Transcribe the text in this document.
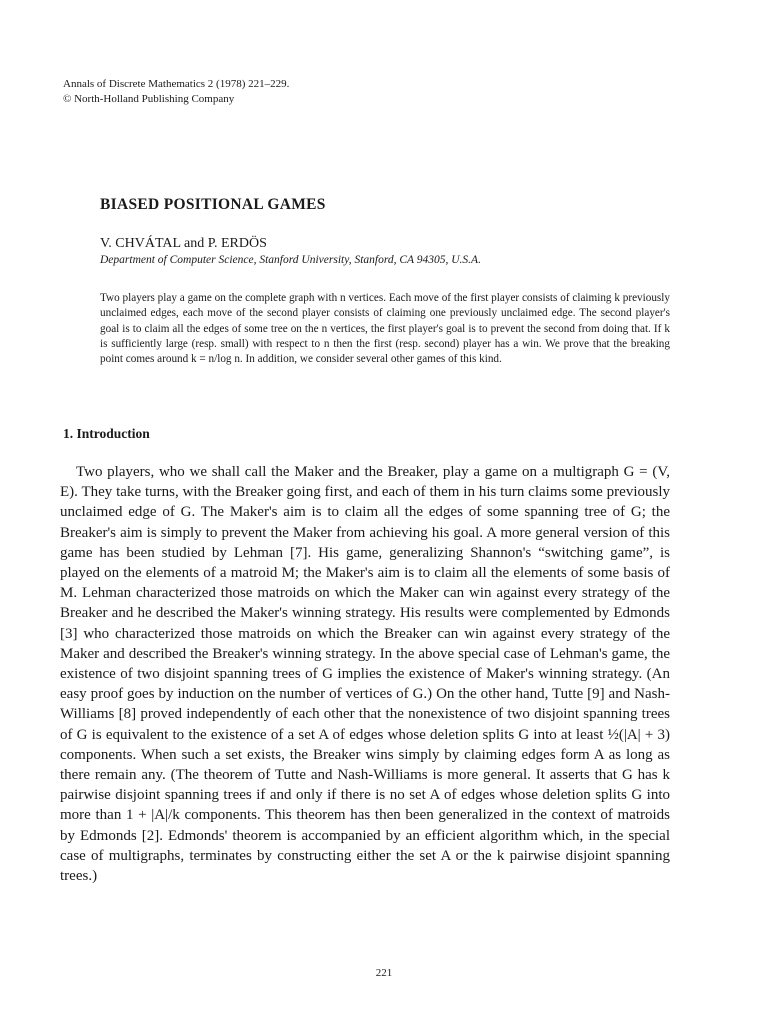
Annals of Discrete Mathematics 2 (1978) 221–229.
© North-Holland Publishing Company
BIASED POSITIONAL GAMES
V. CHVÁTAL and P. ERDÖS
Department of Computer Science, Stanford University, Stanford, CA 94305, U.S.A.
Two players play a game on the complete graph with n vertices. Each move of the first player consists of claiming k previously unclaimed edges, each move of the second player consists of claiming one previously unclaimed edge. The second player's goal is to claim all the edges of some tree on the n vertices, the first player's goal is to prevent the second from doing that. If k is sufficiently large (resp. small) with respect to n then the first (resp. second) player has a win. We prove that the breaking point comes around k = n/log n. In addition, we consider several other games of this kind.
1. Introduction
Two players, who we shall call the Maker and the Breaker, play a game on a multigraph G = (V, E). They take turns, with the Breaker going first, and each of them in his turn claims some previously unclaimed edge of G. The Maker's aim is to claim all the edges of some spanning tree of G; the Breaker's aim is simply to prevent the Maker from achieving his goal. A more general version of this game has been studied by Lehman [7]. His game, generalizing Shannon's “switching game”, is played on the elements of a matroid M; the Maker's aim is to claim all the elements of some basis of M. Lehman characterized those matroids on which the Maker can win against every strategy of the Breaker and he described the Maker's winning strategy. His results were complemented by Edmonds [3] who characterized those matroids on which the Breaker can win against every strategy of the Maker and described the Breaker's winning strategy. In the above special case of Lehman's game, the existence of two disjoint spanning trees of G implies the existence of Maker's winning strategy. (An easy proof goes by induction on the number of vertices of G.) On the other hand, Tutte [9] and Nash-Williams [8] proved independently of each other that the nonexistence of two disjoint spanning trees of G is equivalent to the existence of a set A of edges whose deletion splits G into at least ½(|A| + 3) components. When such a set exists, the Breaker wins simply by claiming edges form A as long as there remain any. (The theorem of Tutte and Nash-Williams is more general. It asserts that G has k pairwise disjoint spanning trees if and only if there is no set A of edges whose deletion splits G into more than 1 + |A|/k components. This theorem has then been generalized in the context of matroids by Edmonds [2]. Edmonds' theorem is accompanied by an efficient algorithm which, in the special case of multigraphs, terminates by constructing either the set A or the k pairwise disjoint spanning trees.)
221
